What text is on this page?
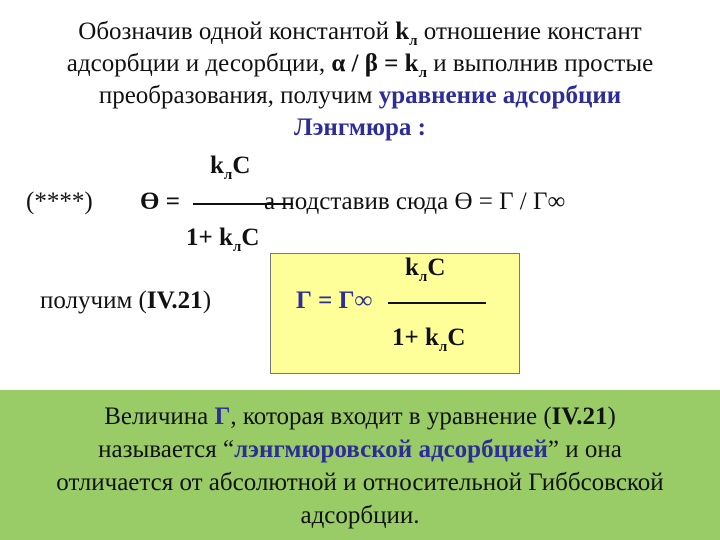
Обозначив одной константой $k_л$ отношение констант
адсорбции и десорбции, $\alpha / \beta = k_л$ и выполнив простые
преобразования, получим уравнение адсорбции
Лэнгмюра :
(****) ϴ =
$k_лC$
а подставив сюда ϴ = Г / Г∞
$1+ k_лC$
получим (IV.21)	Г = Г∞
$k_лC$
$1+ k_лC$
Величина Г, которая входит в уравнение (IV.21)
называется “лэнгмюровской адсорбцией” и она
отличается от абсолютной и относительной Гиббсовской
адсорбции.
